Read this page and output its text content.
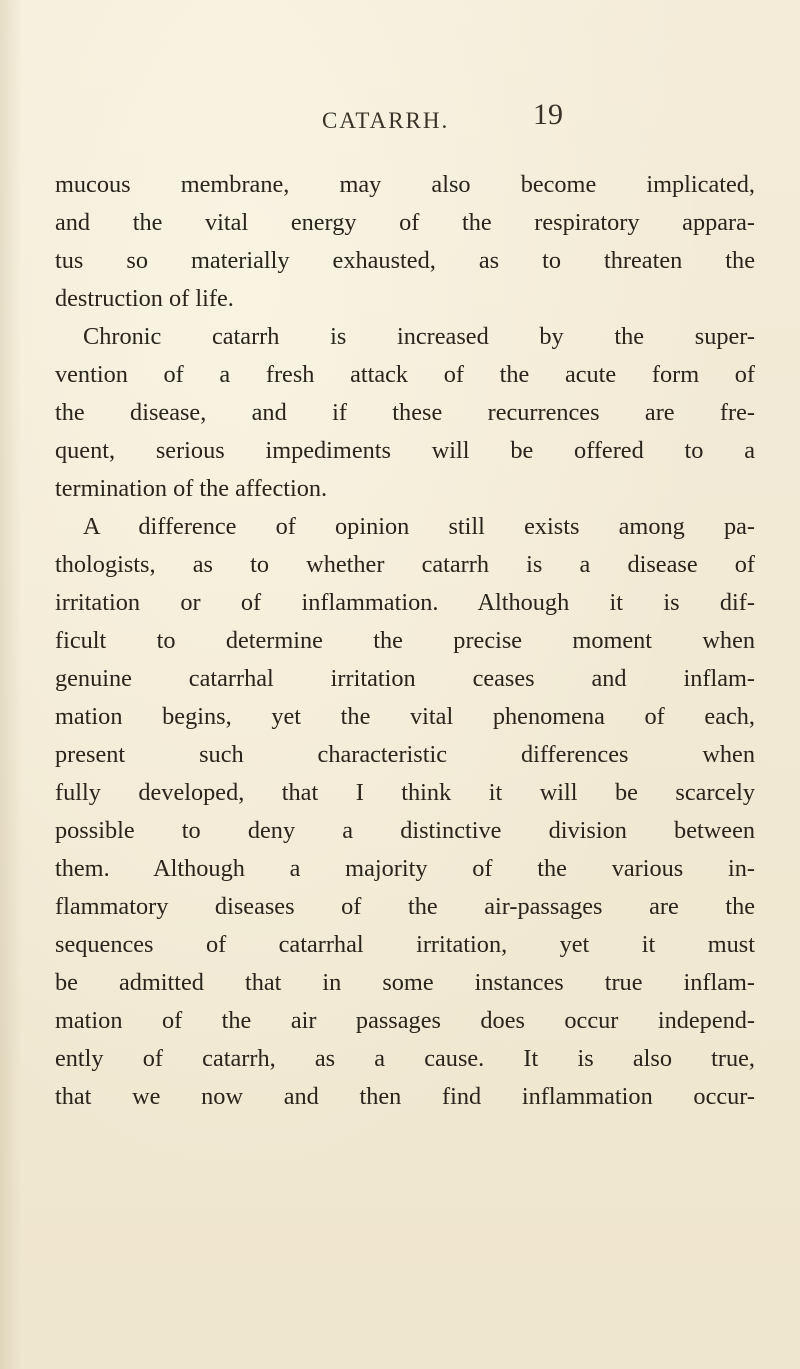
CATARRH.	19
mucous membrane, may also become implicated,
and the vital energy of the respiratory appara-
tus so materially exhausted, as to threaten the
destruction of life.
Chronic catarrh is increased by the super-
vention of a fresh attack of the acute form of
the disease, and if these recurrences are fre-
quent, serious impediments will be offered to a
termination of the affection.
A difference of opinion still exists among pa-
thologists, as to whether catarrh is a disease of
irritation or of inflammation. Although it is dif-
ficult to determine the precise moment when
genuine catarrhal irritation ceases and inflam-
mation begins, yet the vital phenomena of each,
present such characteristic differences when
fully developed, that I think it will be scarcely
possible to deny a distinctive division between
them. Although a majority of the various in-
flammatory diseases of the air-passages are the
sequences of catarrhal irritation, yet it must
be admitted that in some instances true inflam-
mation of the air passages does occur independ-
ently of catarrh, as a cause. It is also true,
that we now and then find inflammation occur-
